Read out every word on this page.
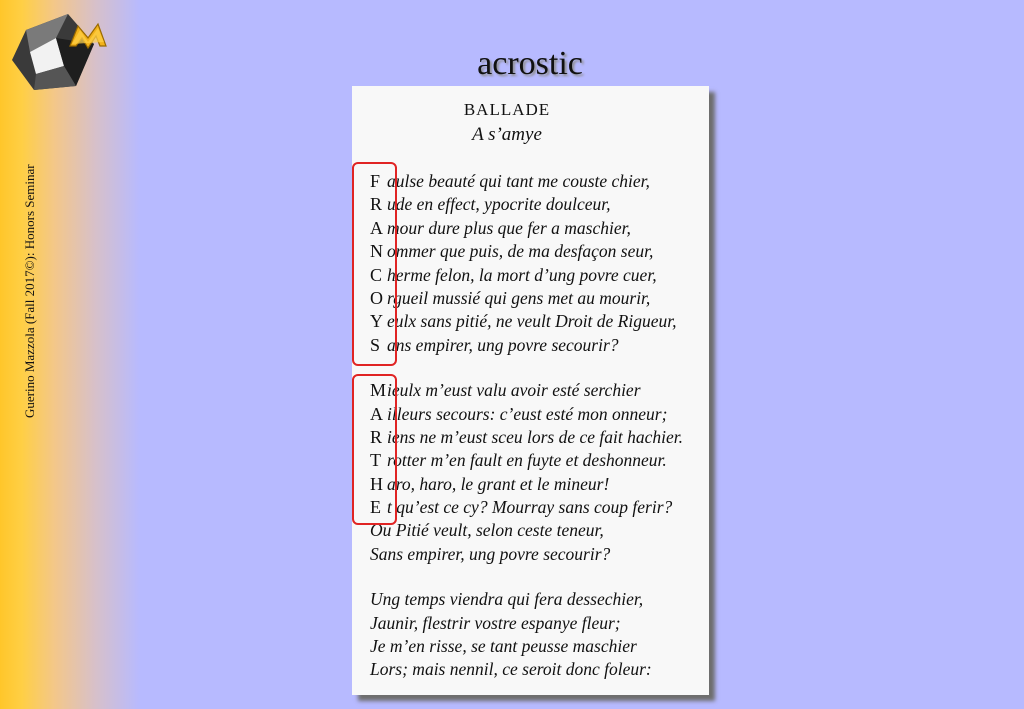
Guerino Mazzola (Fall 2017©): Honors Seminar
acrostic
BALLADE
A s’amye
F aulse beauté qui tant me couste chier,
R ude en effect, ypocrite doulceur,
A mour dure plus que fer a maschier,
N ommer que puis, de ma desfaçon seur,
C herme felon, la mort d’ung povre cuer,
O rgueil mussié qui gens met au mourir,
Y eulx sans pitié, ne veult Droit de Rigueur,
S ans empirer, ung povre secourir?
Mieulx m’eust valu avoir esté serchier
A illeurs secours: c’eust esté mon onneur;
R iens ne m’eust sceu lors de ce fait hachier.
T rotter m’en fault en fuyte et deshonneur.
H aro, haro, le grant et le mineur!
E t qu’est ce cy? Mourray sans coup ferir?
Ou Pitié veult, selon ceste teneur,
Sans empirer, ung povre secourir?
Ung temps viendra qui fera dessechier,
Jaunir, flestrir vostre espanye fleur;
Je m’en risse, se tant peusse maschier
Lors; mais nennil, ce seroit donc foleur:
